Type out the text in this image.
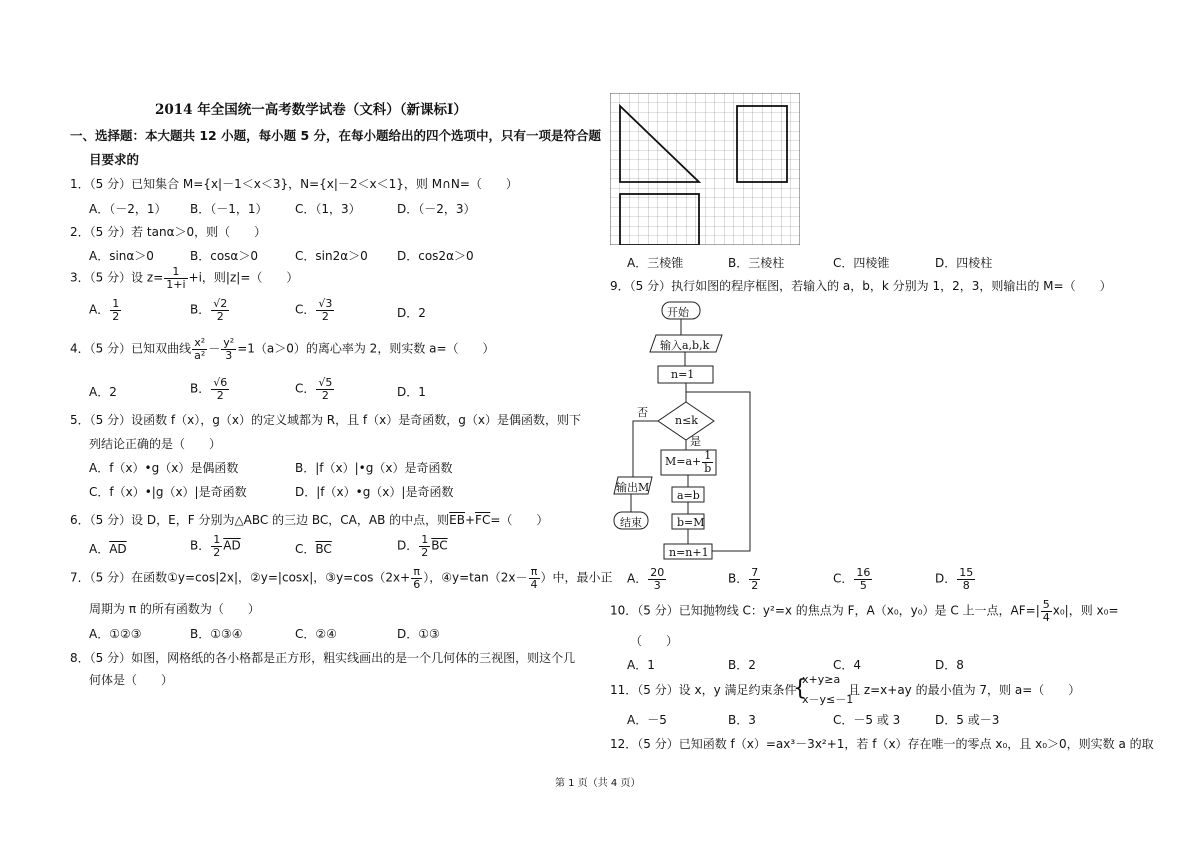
2014 年全国统一高考数学试卷（文科）（新课标Ⅰ）
一、选择题：本大题共 12 小题，每小题 5 分，在每小题给出的四个选项中，只有一项是符合题
目要求的
1．（5 分）已知集合 M={x|－1＜x＜3}，N={x|－2＜x＜1}，则 M∩N=（　　）
A．（－2，1） B．（－1，1） C．（1，3）	D．（－2，3）
2．（5 分）若 tanα＞0，则（　　）
A．sinα＞0	B．cosα＞0	C．sin2α＞0 D．cos2α＞0
3．（5 分）设 $z= \frac{1}{1+i} +i$，则|z|=（　　）
A． $\frac{1}{2}$	B． $\frac{√2}{2}$	C． $\frac{√3}{2}$	D．2
4．（5 分）已知双曲线 $\frac{\text{x²}}{\text{a²}} - \frac{\text{y²}}{3} =1(a>0)$的离心率为 2，则实数 a=（　　）
A．2	B． $\frac{√6}{2}$	C． $\frac{√5}{2}$	D．1
5．（5 分）设函数 f（x），g（x）的定义域都为 R，且 f（x）是奇函数，g（x）是偶函数，则下
列结论正确的是（　　）
A．f（x）•g（x）是偶函数	B．|f（x）|•g（x）是奇函数
C．f（x）•|g（x）|是奇函数	D．|f（x）•g（x）|是奇函数
6．（5 分）设 D，E，F 分别为△ABC 的三边 BC，CA，AB 的中点，则$\overline{EB}+\overline{FC}=$（　　）
A．$\overline{AD}$	B． $\frac{1}{2} \overline{AD}$	C．$\overline{BC}$	D． $\frac{1}{2} \overline{BC}$
7．（5 分）在函数①y=cos|2x|，②y=|cosx|，③y=cos（2x+ $\frac{\pi}{6}$ ），④y=tan（2x－ $\frac{\pi}{4}$ ）中，最小正
周期为 π 的所有函数为（　　）
A．①②③	B．①③④	C．②④	D．①③
8．（5 分）如图，网格纸的各小格都是正方形，粗实线画出的是一个几何体的三视图，则这个几
何体是（　　）
A．三棱锥	B．三棱柱	C．四棱锥	D．四棱柱
9．（5 分）执行如图的程序框图，若输入的 a，b，k 分别为 1，2，3，则输出的 M=（　　）
开始
输入a,b,k
n=1
n≤k
否
是
$M=a+ \frac{1}{b}$
a=b
b=M
n=n+1
输出M
结束
A． $\frac{20}{3}$	B． $\frac{7}{2}$	C． $\frac{16}{5}$	D． $\frac{15}{8}$
10．（5 分）已知抛物线 C：y²=x 的焦点为 F，A（x₀，y₀）是 C 上一点，$AF=| \frac{5}{4} x_0|$，则 x₀=
（　　）
A．1	B．2	C．4	D．8
11．（5 分）设 x，y 满足约束条件
{
x+y≥a
x－y≤－1
且 z=x+ay 的最小值为 7，则 a=（　　）
A．－5	B．3	C．－5 或 3	D．5 或－3
12．（5 分）已知函数 f（x）=ax³－3x²+1，若 f（x）存在唯一的零点 x₀，且 x₀＞0，则实数 a 的取
第 1 页（共 4 页）
